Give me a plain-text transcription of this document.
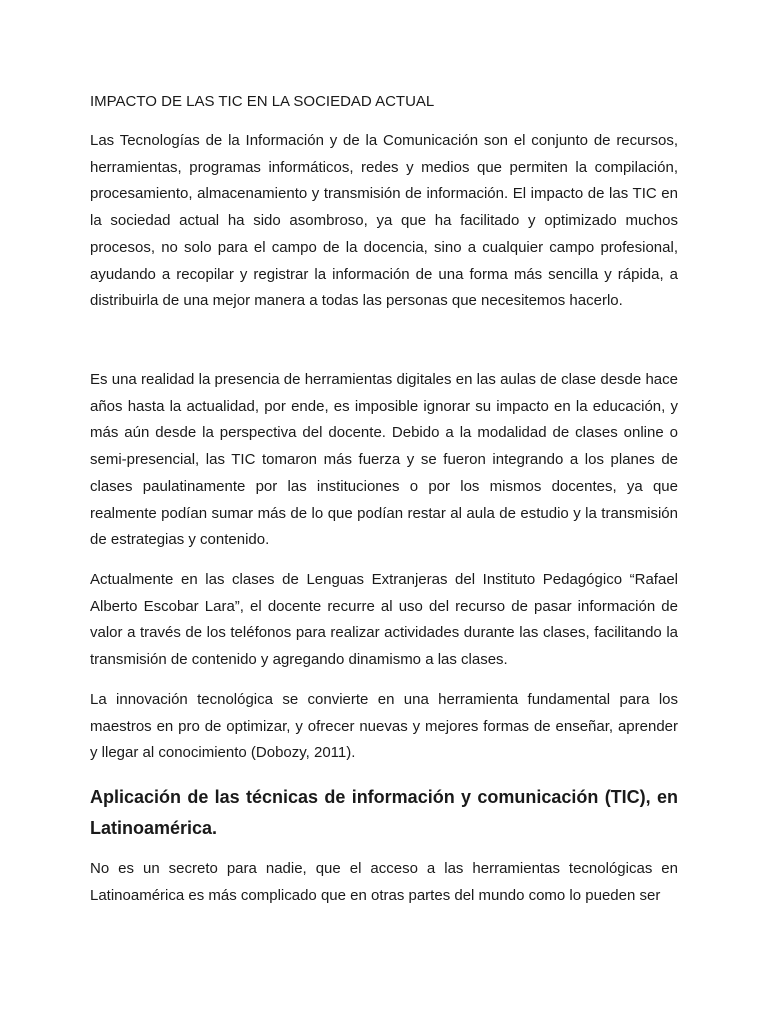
IMPACTO DE LAS TIC EN LA SOCIEDAD ACTUAL

Las Tecnologías de la Información y de la Comunicación son el conjunto de recursos, herramientas, programas informáticos, redes y medios que permiten la compilación, procesamiento, almacenamiento y transmisión de información. El impacto de las TIC en la sociedad actual ha sido asombroso, ya que ha facilitado y optimizado muchos procesos, no solo para el campo de la docencia, sino a cualquier campo profesional, ayudando a recopilar y registrar la información de una forma más sencilla y rápida, a distribuirla de una mejor manera a todas las personas que necesitemos hacerlo.

Es una realidad la presencia de herramientas digitales en las aulas de clase desde hace años hasta la actualidad, por ende, es imposible ignorar su impacto en la educación, y más aún desde la perspectiva del docente. Debido a la modalidad de clases online o semi-presencial, las TIC tomaron más fuerza y se fueron integrando a los planes de clases paulatinamente por las instituciones o por los mismos docentes, ya que realmente podían sumar más de lo que podían restar al aula de estudio y la transmisión de estrategias y contenido.

Actualmente en las clases de Lenguas Extranjeras del Instituto Pedagógico “Rafael Alberto Escobar Lara”, el docente recurre al uso del recurso de pasar información de valor a través de los teléfonos para realizar actividades durante las clases, facilitando la transmisión de contenido y agregando dinamismo a las clases.

La innovación tecnológica se convierte en una herramienta fundamental para los maestros en pro de optimizar, y ofrecer nuevas y mejores formas de enseñar, aprender y llegar al conocimiento (Dobozy, 2011).

Aplicación de las técnicas de información y comunicación (TIC), en Latinoamérica.

No es un secreto para nadie, que el acceso a las herramientas tecnológicas en Latinoamérica es más complicado que en otras partes del mundo como lo pueden ser
